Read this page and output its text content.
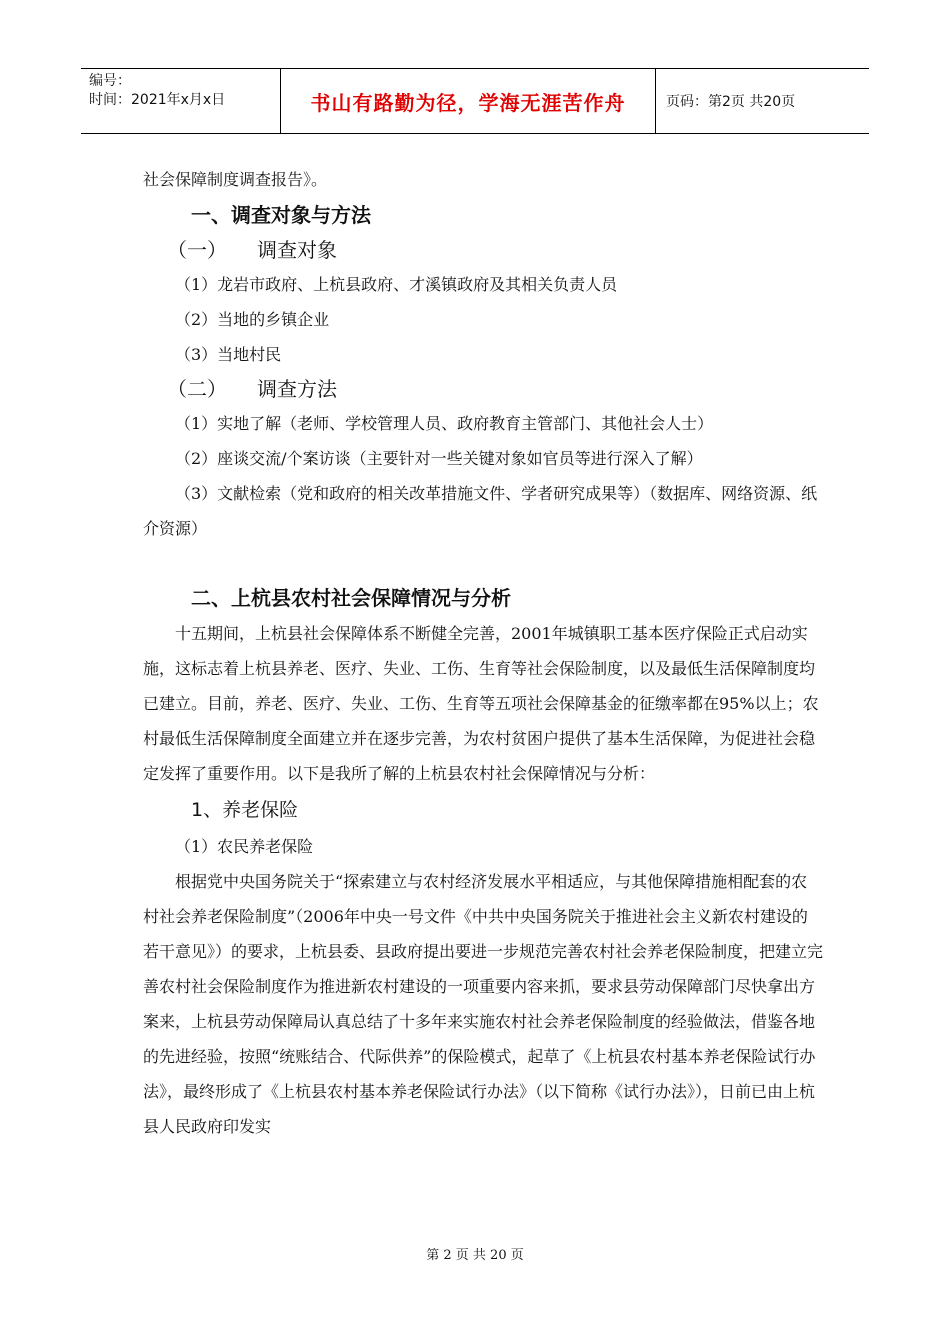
编号：
时间：2021年x月x日	书山有路勤为径，学海无涯苦作舟	页码：第2页 共20页

社会保障制度调查报告》。

一、调查对象与方法

（一） 调查对象

（1）龙岩市政府、上杭县政府、才溪镇政府及其相关负责人员

（2）当地的乡镇企业

（3）当地村民

（二） 调查方法

（1）实地了解（老师、学校管理人员、政府教育主管部门、其他社会人士）

（2）座谈交流/个案访谈（主要针对一些关键对象如官员等进行深入了解）

（3）文献检索（党和政府的相关改革措施文件、学者研究成果等）（数据库、网络资源、纸介资源）

二、上杭县农村社会保障情况与分析

十五期间，上杭县社会保障体系不断健全完善，2001年城镇职工基本医疗保险正式启动实施，这标志着上杭县养老、医疗、失业、工伤、生育等社会保险制度，以及最低生活保障制度均已建立。目前，养老、医疗、失业、工伤、生育等五项社会保障基金的征缴率都在95%以上；农村最低生活保障制度全面建立并在逐步完善，为农村贫困户提供了基本生活保障，为促进社会稳定发挥了重要作用。以下是我所了解的上杭县农村社会保障情况与分析：

1、养老保险

（1）农民养老保险

根据党中央国务院关于“探索建立与农村经济发展水平相适应，与其他保障措施相配套的农村社会养老保险制度”（2006年中央一号文件《中共中央国务院关于推进社会主义新农村建设的若干意见》）的要求，上杭县委、县政府提出要进一步规范完善农村社会养老保险制度，把建立完善农村社会保险制度作为推进新农村建设的一项重要内容来抓，要求县劳动保障部门尽快拿出方案来，上杭县劳动保障局认真总结了十多年来实施农村社会养老保险制度的经验做法，借鉴各地的先进经验，按照“统账结合、代际供养”的保险模式，起草了《上杭县农村基本养老保险试行办法》，最终形成了《上杭县农村基本养老保险试行办法》（以下简称《试行办法》），日前已由上杭县人民政府印发实

第 2 页 共 20 页
